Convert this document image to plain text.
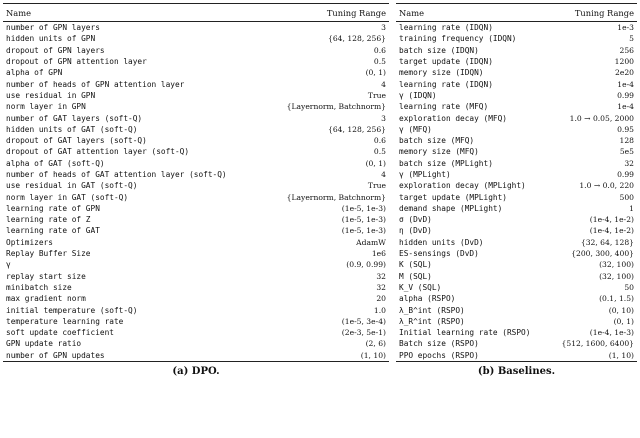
Name	Tuning Range
number of GPN layers	3
hidden units of GPN	{64, 128, 256}
dropout of GPN layers	0.6
dropout of GPN attention layer	0.5
alpha of GPN	(0, 1)
number of heads of GPN attention layer	4
use residual in GPN	True
norm layer in GPN	{Layernorm, Batchnorm}
number of GAT layers (soft-Q)	3
hidden units of GAT (soft-Q)	{64, 128, 256}
dropout of GAT layers (soft-Q)	0.6
dropout of GAT attention layer (soft-Q)	0.5
alpha of GAT (soft-Q)	(0, 1)
number of heads of GAT attention layer (soft-Q)	4
use residual in GAT (soft-Q)	True
norm layer in GAT (soft-Q)	{Layernorm, Batchnorm}
learning rate of GPN	(1e-5, 1e-3)
learning rate of Z	(1e-5, 1e-3)
learning rate of GAT	(1e-5, 1e-3)
Optimizers	AdamW
Replay Buffer Size	1e6
γ	(0.9, 0.99)
replay start size	32
minibatch size	32
max gradient norm	20
initial temperature (soft-Q)	1.0
temperature learning rate	(1e-5, 3e-4)
soft update coefficient	(2e-3, 5e-1)
GPN update ratio	(2, 6)
number of GPN updates	(1, 10)
(a) DPO.
Name	Tuning Range
learning rate (IDQN)	1e-3
training frequency (IDQN)	5
batch size (IDQN)	256
target update (IDQN)	1200
memory size (IDQN)	2e20
learning rate (IDQN)	1e-4
γ (IDQN)	0.99
learning rate (MFQ)	1e-4
exploration decay (MFQ)	1.0 → 0.05, 2000
γ (MFQ)	0.95
batch size (MFQ)	128
memory size (MFQ)	5e5
batch size (MPLight)	32
γ (MPLight)	0.99
exploration decay (MPLight)	1.0 → 0.0, 220
target update (MPLight)	500
demand shape (MPLight)	1
σ (DvD)	(1e-4, 1e-2)
η (DvD)	(1e-4, 1e-2)
hidden units (DvD)	{32, 64, 128}
ES-sensings (DvD)	{200, 300, 400}
K (SQL)	(32, 100)
M (SQL)	(32, 100)
K_V (SQL)	50
alpha (RSPO)	(0.1, 1.5)
λ_B^int (RSPO)	(0, 10)
λ_R^int (RSPO)	(0, 1)
Initial learning rate (RSPO)	(1e-4, 1e-3)
Batch size (RSPO)	{512, 1600, 6400}
PPO epochs (RSPO)	(1, 10)
(b) Baselines.
